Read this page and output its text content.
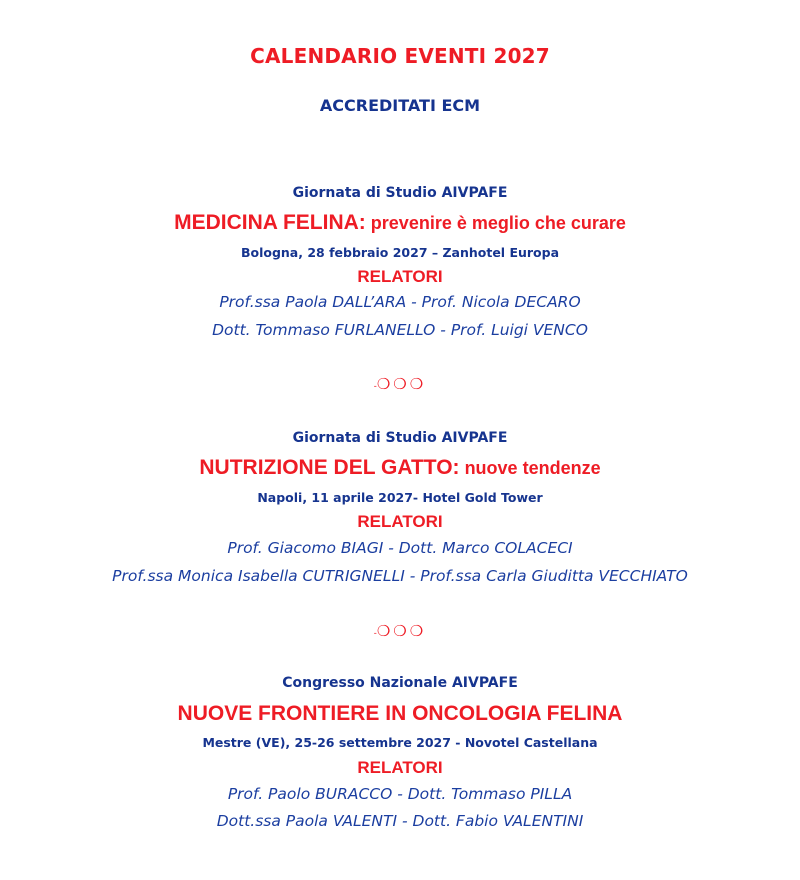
CALENDARIO EVENTI 2027
ACCREDITATI ECM
Giornata di Studio AIVPAFE
MEDICINA FELINA: prevenire è meglio che curare
Bologna, 28 febbraio 2027 – Zanhotel Europa
RELATORI
Prof.ssa Paola DALL’ARA - Prof. Nicola DECARO
Dott. Tommaso FURLANELLO - Prof. Luigi VENCO
-❍❍❍
Giornata di Studio AIVPAFE
NUTRIZIONE DEL GATTO: nuove tendenze
Napoli, 11 aprile 2027- Hotel Gold Tower
RELATORI
Prof. Giacomo BIAGI - Dott. Marco COLACECI
Prof.ssa Monica Isabella CUTRIGNELLI - Prof.ssa Carla Giuditta VECCHIATO
-❍❍❍
Congresso Nazionale AIVPAFE
NUOVE FRONTIERE IN ONCOLOGIA FELINA
Mestre (VE), 25-26 settembre 2027 - Novotel Castellana
RELATORI
Prof. Paolo BURACCO - Dott. Tommaso PILLA
Dott.ssa Paola VALENTI - Dott. Fabio VALENTINI
